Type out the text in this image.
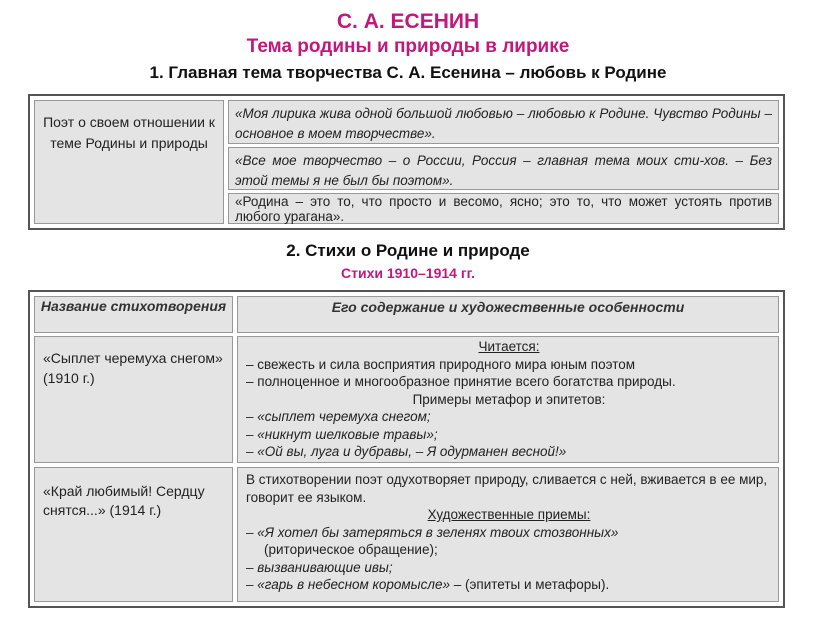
С. А. ЕСЕНИН
Тема родины и природы в лирике
1. Главная тема творчества С. А. Есенина – любовь к Родине
Поэт о своем отношении к теме Родины и природы
«Моя лирика жива одной большой любовью – любовью к Родине. Чувство Родины – основное в моем творчестве».
«Все мое творчество – о России, Россия – главная тема моих сти-хов. – Без этой темы я не был бы поэтом».
«Родина – это то, что просто и весомо, ясно; это то, что может устоять против любого урагана».
2. Стихи о Родине и природе
Стихи 1910–1914 гг.
Название стихотворения	Его содержание и художественные особенности
«Сыплет черемуха снегом» (1910 г.)
Читается:
– свежесть и сила восприятия природного мира юным поэтом
– полноценное и многообразное принятие всего богатства природы.
Примеры метафор и эпитетов:
– «сыплет черемуха снегом;
– «никнут шелковые травы»;
– «Ой вы, луга и дубравы, – Я одурманен весной!»
«Край любимый! Сердцу снятся...» (1914 г.)
В стихотворении поэт одухотворяет природу, сливается с ней, вживается в ее мир, говорит ее языком.
Художественные приемы:
– «Я хотел бы затеряться в зеленях твоих стозвонных»
(риторическое обращение);
– вызванивающие ивы;
– «гарь в небесном коромысле» – (эпитеты и метафоры).
